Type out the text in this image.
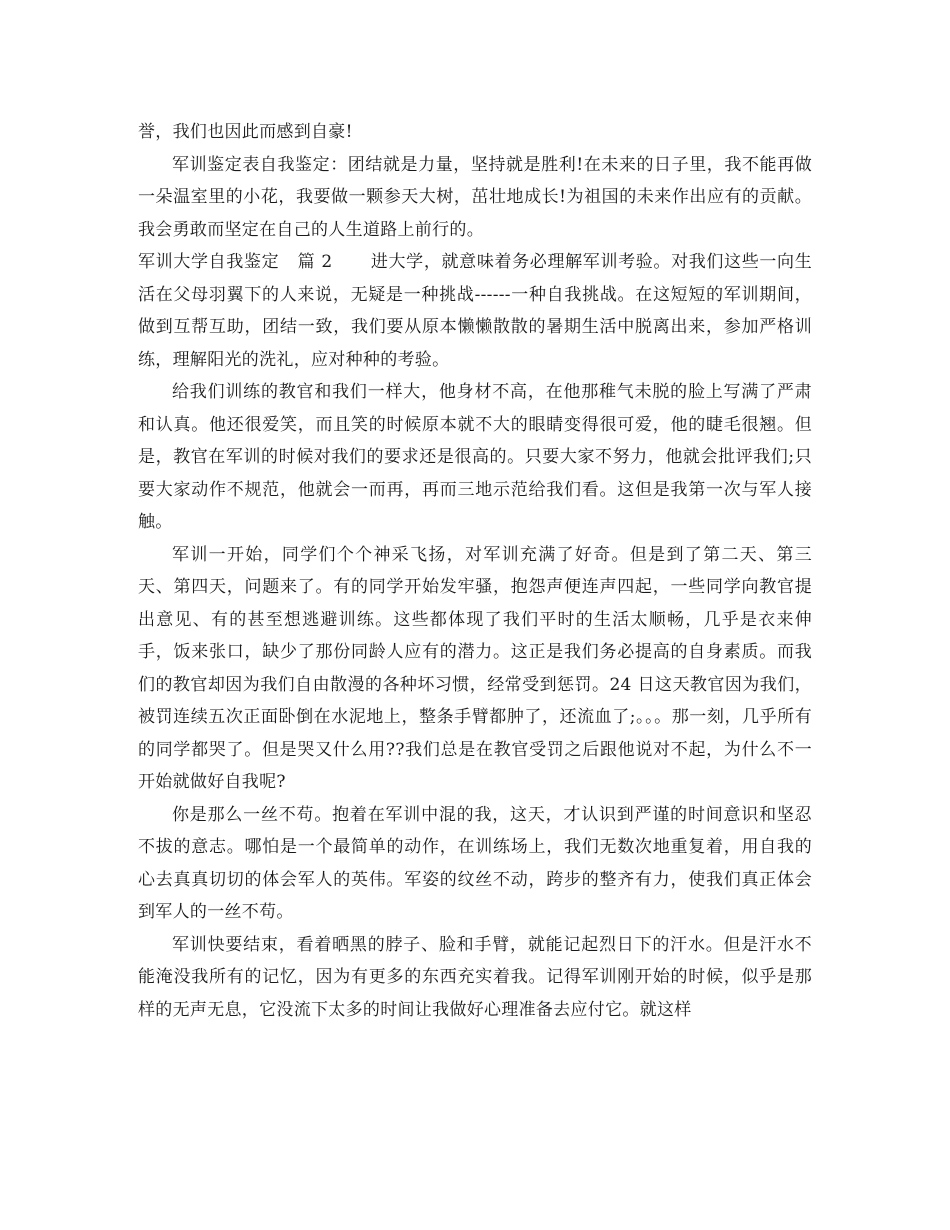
誉，我们也因此而感到自豪!

军训鉴定表自我鉴定：团结就是力量，坚持就是胜利!在未来的日子里，我不能再做一朵温室里的小花，我要做一颗参天大树，茁壮地成长!为祖国的未来作出应有的贡献。我会勇敢而坚定在自己的人生道路上前行的。

军训大学自我鉴定 篇 2 进大学，就意味着务必理解军训考验。对我们这些一向生活在父母羽翼下的人来说，无疑是一种挑战------一种自我挑战。在这短短的军训期间，做到互帮互助，团结一致，我们要从原本懒懒散散的暑期生活中脱离出来，参加严格训练，理解阳光的洗礼，应对种种的考验。

给我们训练的教官和我们一样大，他身材不高，在他那稚气未脱的脸上写满了严肃和认真。他还很爱笑，而且笑的时候原本就不大的眼睛变得很可爱，他的睫毛很翘。但是，教官在军训的时候对我们的要求还是很高的。只要大家不努力，他就会批评我们;只要大家动作不规范，他就会一而再，再而三地示范给我们看。这但是我第一次与军人接触。

军训一开始，同学们个个神采飞扬，对军训充满了好奇。但是到了第二天、第三天、第四天，问题来了。有的同学开始发牢骚，抱怨声便连声四起，一些同学向教官提出意见、有的甚至想逃避训练。这些都体现了我们平时的生活太顺畅，几乎是衣来伸手，饭来张口，缺少了那份同龄人应有的潜力。这正是我们务必提高的自身素质。而我们的教官却因为我们自由散漫的各种坏习惯，经常受到惩罚。24 日这天教官因为我们，被罚连续五次正面卧倒在水泥地上，整条手臂都肿了，还流血了;。。。那一刻，几乎所有的同学都哭了。但是哭又什么用??我们总是在教官受罚之后跟他说对不起，为什么不一开始就做好自我呢?

你是那么一丝不苟。抱着在军训中混的我，这天，才认识到严谨的时间意识和坚忍不拔的意志。哪怕是一个最简单的动作，在训练场上，我们无数次地重复着，用自我的心去真真切切的体会军人的英伟。军姿的纹丝不动，跨步的整齐有力，使我们真正体会到军人的一丝不苟。

军训快要结束，看着晒黑的脖子、脸和手臂，就能记起烈日下的汗水。但是汗水不能淹没我所有的记忆，因为有更多的东西充实着我。记得军训刚开始的时候，似乎是那样的无声无息，它没流下太多的时间让我做好心理准备去应付它。就这样
